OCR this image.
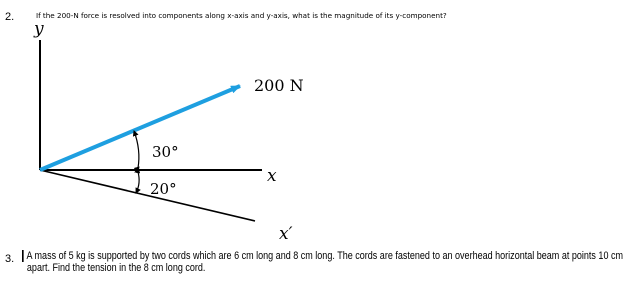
2.	If the 200-N force is resolved into components along x-axis and y-axis, what is the magnitude of its y-component?
y
200 N
30°
20°
x
x′
3.	A mass of 5 kg is supported by two cords which are 6 cm long and 8 cm long. The cords are fastened to an overhead horizontal beam at points 10 cm
apart. Find the tension in the 8 cm long cord.
